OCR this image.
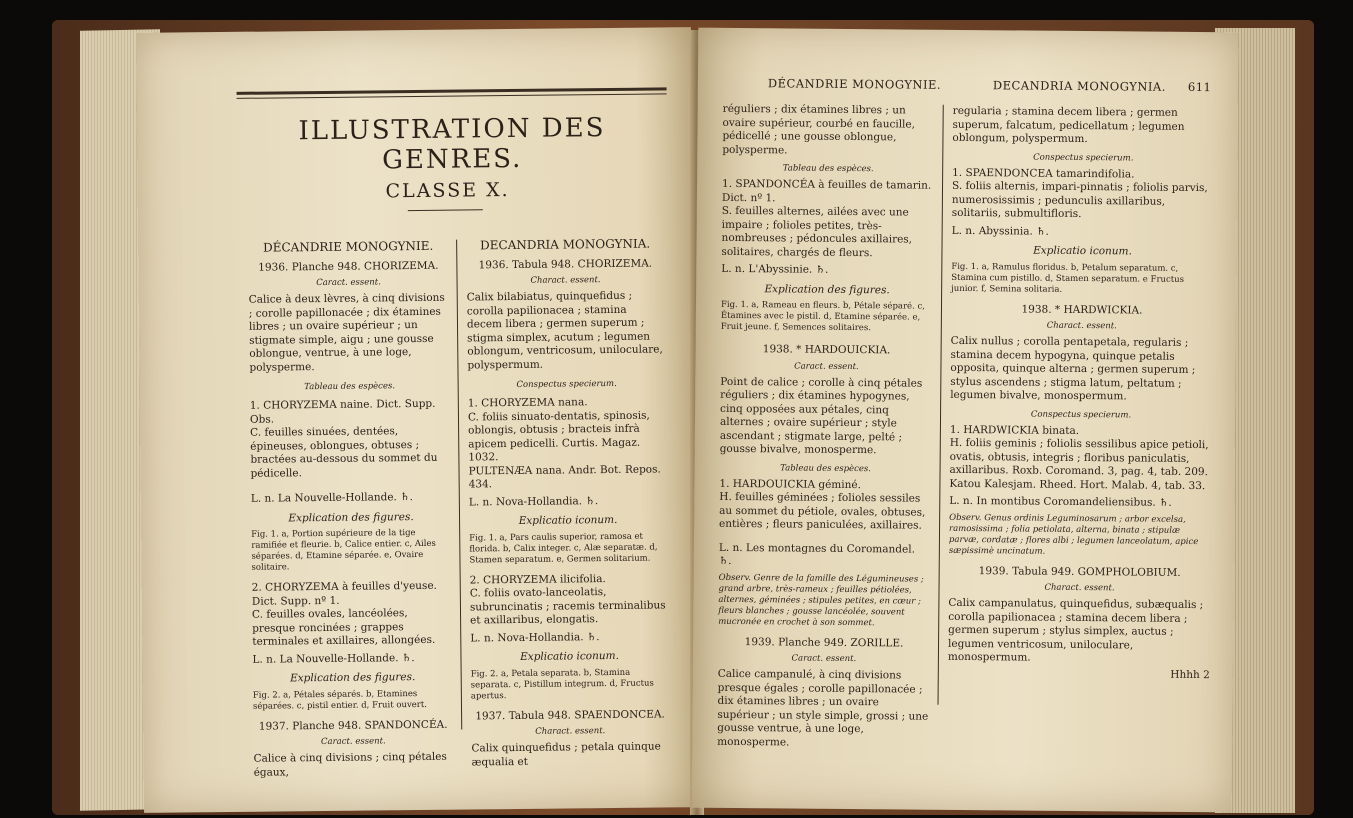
ILLUSTRATION DES GENRES.
CLASSE X.

DÉCANDRIE MONOGYNIE.

1936. Planche 948. CHORIZEMA.

Caract. essent.

Calice à deux lèvres, à cinq divisions ; corolle papillonacée ; dix étamines libres ; un ovaire supérieur ; un stigmate simple, aigu ; une gousse oblongue, ventrue, à une loge, polysperme.

Tableau des espèces.

1. CHORYZEMA naine. Dict. Supp. Obs.

C. feuilles sinuées, dentées, épineuses, oblongues, obtuses ; bractées au-dessous du sommet du pédicelle.

L. n. La Nouvelle-Hollande. ♄.

Explication des figures.

Fig. 1. a, Portion supérieure de la tige ramifiée et fleurie. b, Calice entier. c, Ailes séparées. d, Etamine séparée. e, Ovaire solitaire.

2. CHORYZEMA à feuilles d'yeuse. Dict. Supp. nº 1.

C. feuilles ovales, lancéolées, presque roncinées ; grappes terminales et axillaires, allongées.

L. n. La Nouvelle-Hollande. ♄.

Explication des figures.

Fig. 2. a, Pétales séparés. b, Etamines séparées. c, pistil entier. d, Fruit ouvert.

1937. Planche 948. SPANDONCÉA.

Caract. essent.

Calice à cinq divisions ; cinq pétales égaux,

DECANDRIA MONOGYNIA.

1936. Tabula 948. CHORIZEMA.

Charact. essent.

Calix bilabiatus, quinquefidus ; corolla papilionacea ; stamina decem libera ; germen superum ; stigma simplex, acutum ; legumen oblongum, ventricosum, uniloculare, polyspermum.

Conspectus specierum.

1. CHORYZEMA nana.

C. foliis sinuato-dentatis, spinosis, oblongis, obtusis ; bracteis infrà apicem pedicelli. Curtis. Magaz. 1032.

PULTENÆA nana. Andr. Bot. Repos. 434.

L. n. Nova-Hollandia. ♄.

Explicatio iconum.

Fig. 1. a, Pars caulis superior, ramosa et florida. b, Calix integer. c, Alæ separatæ. d, Stamen separatum. e, Germen solitarium.

2. CHORYZEMA ilicifolia.

C. foliis ovato-lanceolatis, subruncinatis ; racemis terminalibus et axillaribus, elongatis.

L. n. Nova-Hollandia. ♄.

Explicatio iconum.

Fig. 2. a, Petala separata. b, Stamina separata. c, Pistillum integrum. d, Fructus apertus.

1937. Tabula 948. SPAENDONCEA.

Charact. essent.

Calix quinquefidus ; petala quinque æqualia et

DÉCANDRIE MONOGYNIE.	DECANDRIA MONOGYNIA. 611

réguliers ; dix étamines libres ; un ovaire supérieur, courbé en faucille, pédicellé ; une gousse oblongue, polysperme.

Tableau des espèces.

1. SPANDONCÉA à feuilles de tamarin. Dict. nº 1.

S. feuilles alternes, ailées avec une impaire ; folioles petites, très-nombreuses ; pédoncules axillaires, solitaires, chargés de fleurs.

L. n. L'Abyssinie. ♄.

Explication des figures.

Fig. 1. a, Rameau en fleurs. b, Pétale séparé. c, Étamines avec le pistil. d, Etamine séparée. e, Fruit jeune. f, Semences solitaires.

1938. * HARDOUICKIA.

Caract. essent.

Point de calice ; corolle à cinq pétales réguliers ; dix étamines hypogynes, cinq opposées aux pétales, cinq alternes ; ovaire supérieur ; style ascendant ; stigmate large, pelté ; gousse bivalve, monosperme.

Tableau des espèces.

1. HARDOUICKIA géminé.

H. feuilles géminées ; folioles sessiles au sommet du pétiole, ovales, obtuses, entières ; fleurs paniculées, axillaires.

L. n. Les montagnes du Coromandel. ♄.

Observ. Genre de la famille des Légumineuses ; grand arbre, très-rameux ; feuilles pétiolées, alternes, géminées ; stipules petites, en cœur ; fleurs blanches ; gousse lancéolée, souvent mucronée en crochet à son sommet.

1939. Planche 949. ZORILLE.

Caract. essent.

Calice campanulé, à cinq divisions presque égales ; corolle papillonacée ; dix étamines libres ; un ovaire supérieur ; un style simple, grossi ; une gousse ventrue, à une loge, monosperme.

regularia ; stamina decem libera ; germen superum, falcatum, pedicellatum ; legumen oblongum, polyspermum.

Conspectus specierum.

1. SPAENDONCEA tamarindifolia.

S. foliis alternis, impari-pinnatis ; foliolis parvis, numerosissimis ; pedunculis axillaribus, solitariis, submultifloris.

L. n. Abyssinia. ♄.

Explicatio iconum.

Fig. 1. a, Ramulus floridus. b, Petalum separatum. c, Stamina cum pistillo. d, Stamen separatum. e Fructus junior. f, Semina solitaria.

1938. * HARDWICKIA.

Charact. essent.

Calix nullus ; corolla pentapetala, regularis ; stamina decem hypogyna, quinque petalis opposita, quinque alterna ; germen superum ; stylus ascendens ; stigma latum, peltatum ; legumen bivalve, monospermum.

Conspectus specierum.

1. HARDWICKIA binata.

H. foliis geminis ; foliolis sessilibus apice petioli, ovatis, obtusis, integris ; floribus paniculatis, axillaribus. Roxb. Coromand. 3, pag. 4, tab. 209. Katou Kalesjam. Rheed. Hort. Malab. 4, tab. 33.

L. n. In montibus Coromandeliensibus. ♄.

Observ. Genus ordinis Leguminosarum ; arbor excelsa, ramosissima ; folia petiolata, alterna, binata ; stipulæ parvæ, cordatæ ; flores albi ; legumen lanceolatum, apice sæpissimè uncinatum.

1939. Tabula 949. GOMPHOLOBIUM.

Charact. essent.

Calix campanulatus, quinquefidus, subæqualis ; corolla papilionacea ; stamina decem libera ; germen superum ; stylus simplex, auctus ; legumen ventricosum, uniloculare, monospermum.

Hhhh 2
